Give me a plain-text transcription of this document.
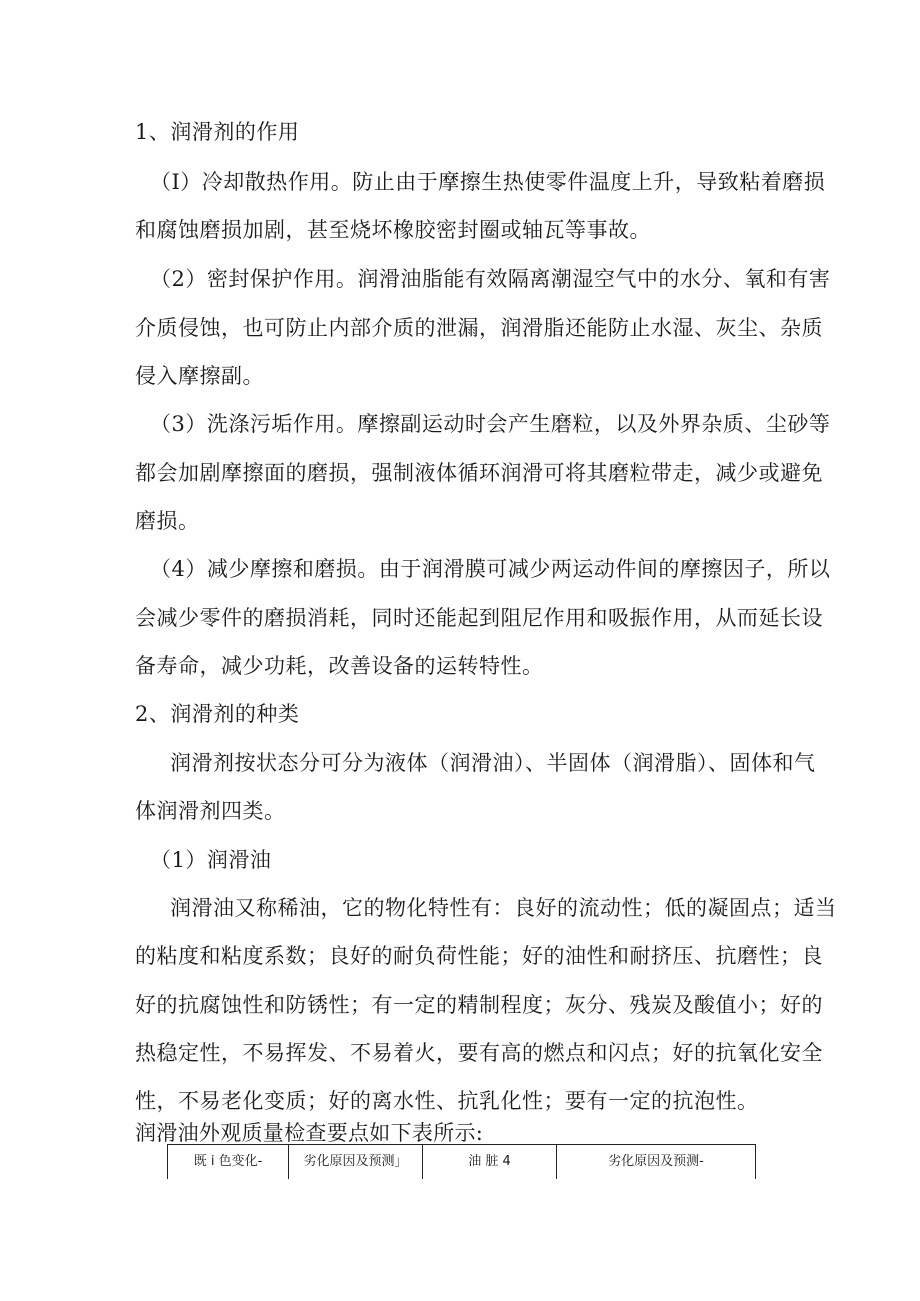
1、润滑剂的作用
（I）冷却散热作用。防止由于摩擦生热使零件温度上升，导致粘着磨损
和腐蚀磨损加剧，甚至烧坏橡胶密封圈或轴瓦等事故。
（2）密封保护作用。润滑油脂能有效隔离潮湿空气中的水分、氧和有害
介质侵蚀，也可防止内部介质的泄漏，润滑脂还能防止水湿、灰尘、杂质
侵入摩擦副。
（3）洗涤污垢作用。摩擦副运动时会产生磨粒，以及外界杂质、尘砂等
都会加剧摩擦面的磨损，强制液体循环润滑可将其磨粒带走，减少或避免
磨损。
（4）减少摩擦和磨损。由于润滑膜可减少两运动件间的摩擦因子，所以
会减少零件的磨损消耗，同时还能起到阻尼作用和吸振作用，从而延长设
备寿命，减少功耗，改善设备的运转特性。
2、润滑剂的种类
润滑剂按状态分可分为液体（润滑油）、半固体（润滑脂）、固体和气
体润滑剂四类。
（1）润滑油
润滑油又称稀油，它的物化特性有：良好的流动性；低的凝固点；适当
的粘度和粘度系数；良好的耐负荷性能；好的油性和耐挤压、抗磨性；良
好的抗腐蚀性和防锈性；有一定的精制程度；灰分、残炭及酸值小；好的
热稳定性，不易挥发、不易着火，要有高的燃点和闪点；好的抗氧化安全
性，不易老化变质；好的离水性、抗乳化性；要有一定的抗泡性。
润滑油外观质量检查要点如下表所示:
既 i 色变化-	劣化原因及预测」	油 脏 4	劣化原因及预测-
